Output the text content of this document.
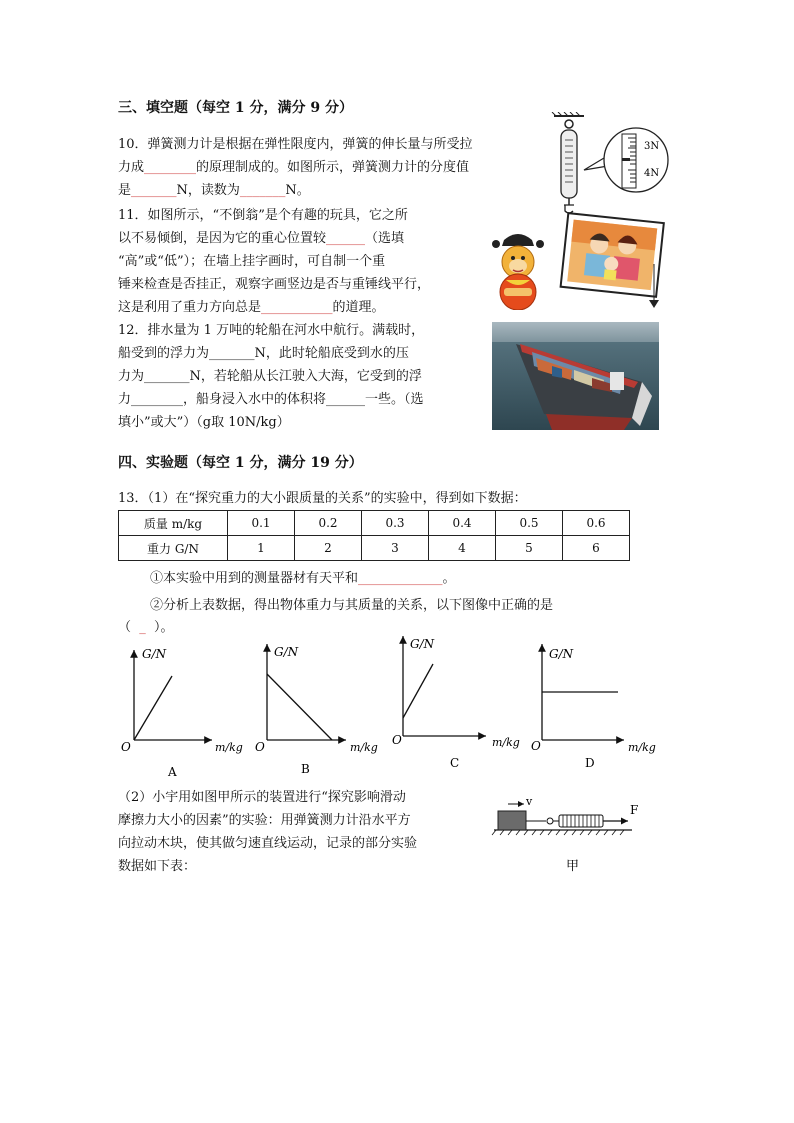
三、填空题（每空 1 分，满分 9 分）
10．弹簧测力计是根据在弹性限度内，弹簧的伸长量与所受拉
力成________的原理制成的。如图所示，弹簧测力计的分度值
是_______N，读数为_______N。
3N
4N
11．如图所示，“不倒翁”是个有趣的玩具，它之所
以不易倾倒，是因为它的重心位置较______（选填
“高”或“低”）；在墙上挂字画时，可自制一个重
锤来检查是否挂正，观察字画竖边是否与重锤线平行，
这是利用了重力方向总是___________的道理。
12．排水量为 1 万吨的轮船在河水中航行。满载时，
船受到的浮力为_______N，此时轮船底受到水的压
力为_______N，若轮船从长江驶入大海，它受到的浮
力________，船身浸入水中的体积将______一些。（选
填小”或大”）（g取 10N/kg）
四、实验题（每空 1 分，满分 19 分）
13．（1）在“探究重力的大小跟质量的关系”的实验中，得到如下数据：
质量 m/kg	0.1	0.2	0.3	0.4	0.5	0.6
重力 G/N	1	2	3	4	5	6
①本实验中用到的测量器材有天平和_____________。
②分析上表数据，得出物体重力与其质量的关系，以下图像中正确的是
（ _ ）。
G/N
m/kg
O
A
G/N
m/kg
O
B
G/N
m/kg
O
C
G/N
m/kg
O
D
（2）小宇用如图甲所示的装置进行“探究影响滑动
摩擦力大小的因素”的实验：用弹簧测力计沿水平方
向拉动木块，使其做匀速直线运动，记录的部分实验
数据如下表：
v
F
甲
